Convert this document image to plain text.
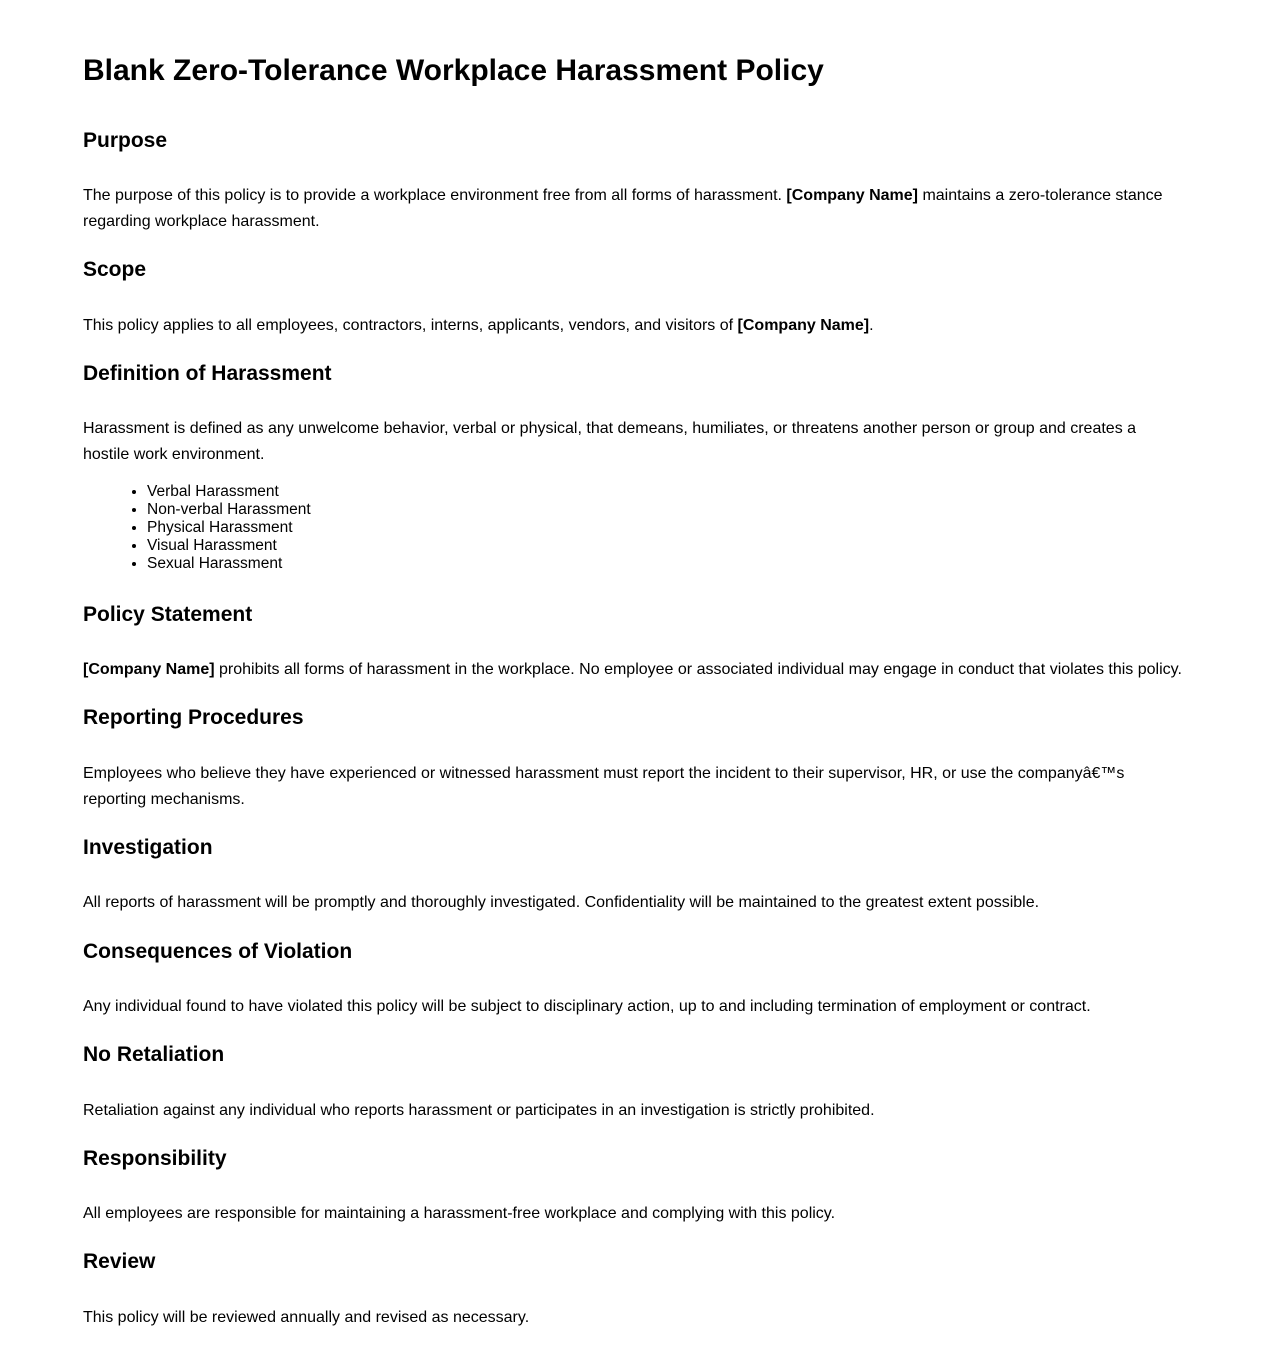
Blank Zero-Tolerance Workplace Harassment Policy
Purpose

The purpose of this policy is to provide a workplace environment free from all forms of harassment. [Company Name] maintains a zero-tolerance stance regarding workplace harassment.

Scope

This policy applies to all employees, contractors, interns, applicants, vendors, and visitors of [Company Name].

Definition of Harassment

Harassment is defined as any unwelcome behavior, verbal or physical, that demeans, humiliates, or threatens another person or group and creates a hostile work environment.

• Verbal Harassment
• Non-verbal Harassment
• Physical Harassment
• Visual Harassment
• Sexual Harassment
Policy Statement

[Company Name] prohibits all forms of harassment in the workplace. No employee or associated individual may engage in conduct that violates this policy.

Reporting Procedures

Employees who believe they have experienced or witnessed harassment must report the incident to their supervisor, HR, or use the companyâ€™s reporting mechanisms.

Investigation

All reports of harassment will be promptly and thoroughly investigated. Confidentiality will be maintained to the greatest extent possible.

Consequences of Violation

Any individual found to have violated this policy will be subject to disciplinary action, up to and including termination of employment or contract.

No Retaliation

Retaliation against any individual who reports harassment or participates in an investigation is strictly prohibited.

Responsibility

All employees are responsible for maintaining a harassment-free workplace and complying with this policy.

Review

This policy will be reviewed annually and revised as necessary.
